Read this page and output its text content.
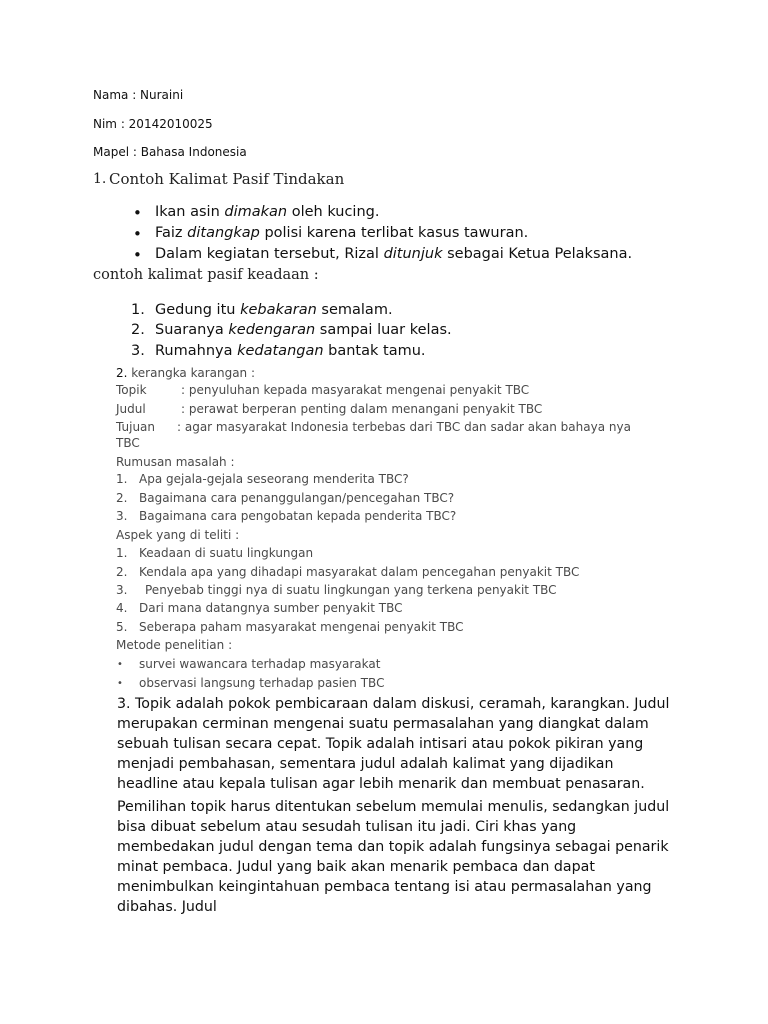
Nama : Nuraini
Nim : 20142010025
Mapel : Bahasa Indonesia
1. Contoh Kalimat Pasif Tindakan
• Ikan asin dimakan oleh kucing.
• Faiz ditangkap polisi karena terlibat kasus tawuran.
• Dalam kegiatan tersebut, Rizal ditunjuk sebagai Ketua Pelaksana.
contoh kalimat pasif keadaan :
1. Gedung itu kebakaran semalam.
2. Suaranya kedengaran sampai luar kelas.
3. Rumahnya kedatangan bantak tamu.
2. kerangka karangan :
Topik	: penyuluhan kepada masyarakat mengenai penyakit TBC
Judul	: perawat berperan penting dalam menangani penyakit TBC
Tujuan : agar masyarakat Indonesia terbebas dari TBC dan sadar akan bahaya nya
TBC
Rumusan masalah :
1. Apa gejala-gejala seseorang menderita TBC?
2. Bagaimana cara penanggulangan/pencegahan TBC?
3. Bagaimana cara pengobatan kepada penderita TBC?
Aspek yang di teliti :
1. Keadaan di suatu lingkungan
2. Kendala apa yang dihadapi masyarakat dalam pencegahan penyakit TBC
3. Penyebab tinggi nya di suatu lingkungan yang terkena penyakit TBC
4. Dari mana datangnya sumber penyakit TBC
5. Seberapa paham masyarakat mengenai penyakit TBC
Metode penelitian :
• survei wawancara terhadap masyarakat
• observasi langsung terhadap pasien TBC

3. Topik adalah pokok pembicaraan dalam diskusi, ceramah, karangkan. Judul merupakan cerminan mengenai suatu permasalahan yang diangkat dalam sebuah tulisan secara cepat. Topik adalah intisari atau pokok pikiran yang menjadi pembahasan, sementara judul adalah kalimat yang dijadikan headline atau kepala tulisan agar lebih menarik dan membuat penasaran.

Pemilihan topik harus ditentukan sebelum memulai menulis, sedangkan judul bisa dibuat sebelum atau sesudah tulisan itu jadi. Ciri khas yang membedakan judul dengan tema dan topik adalah fungsinya sebagai penarik minat pembaca. Judul yang baik akan menarik pembaca dan dapat menimbulkan keingintahuan pembaca tentang isi atau permasalahan yang dibahas. Judul
